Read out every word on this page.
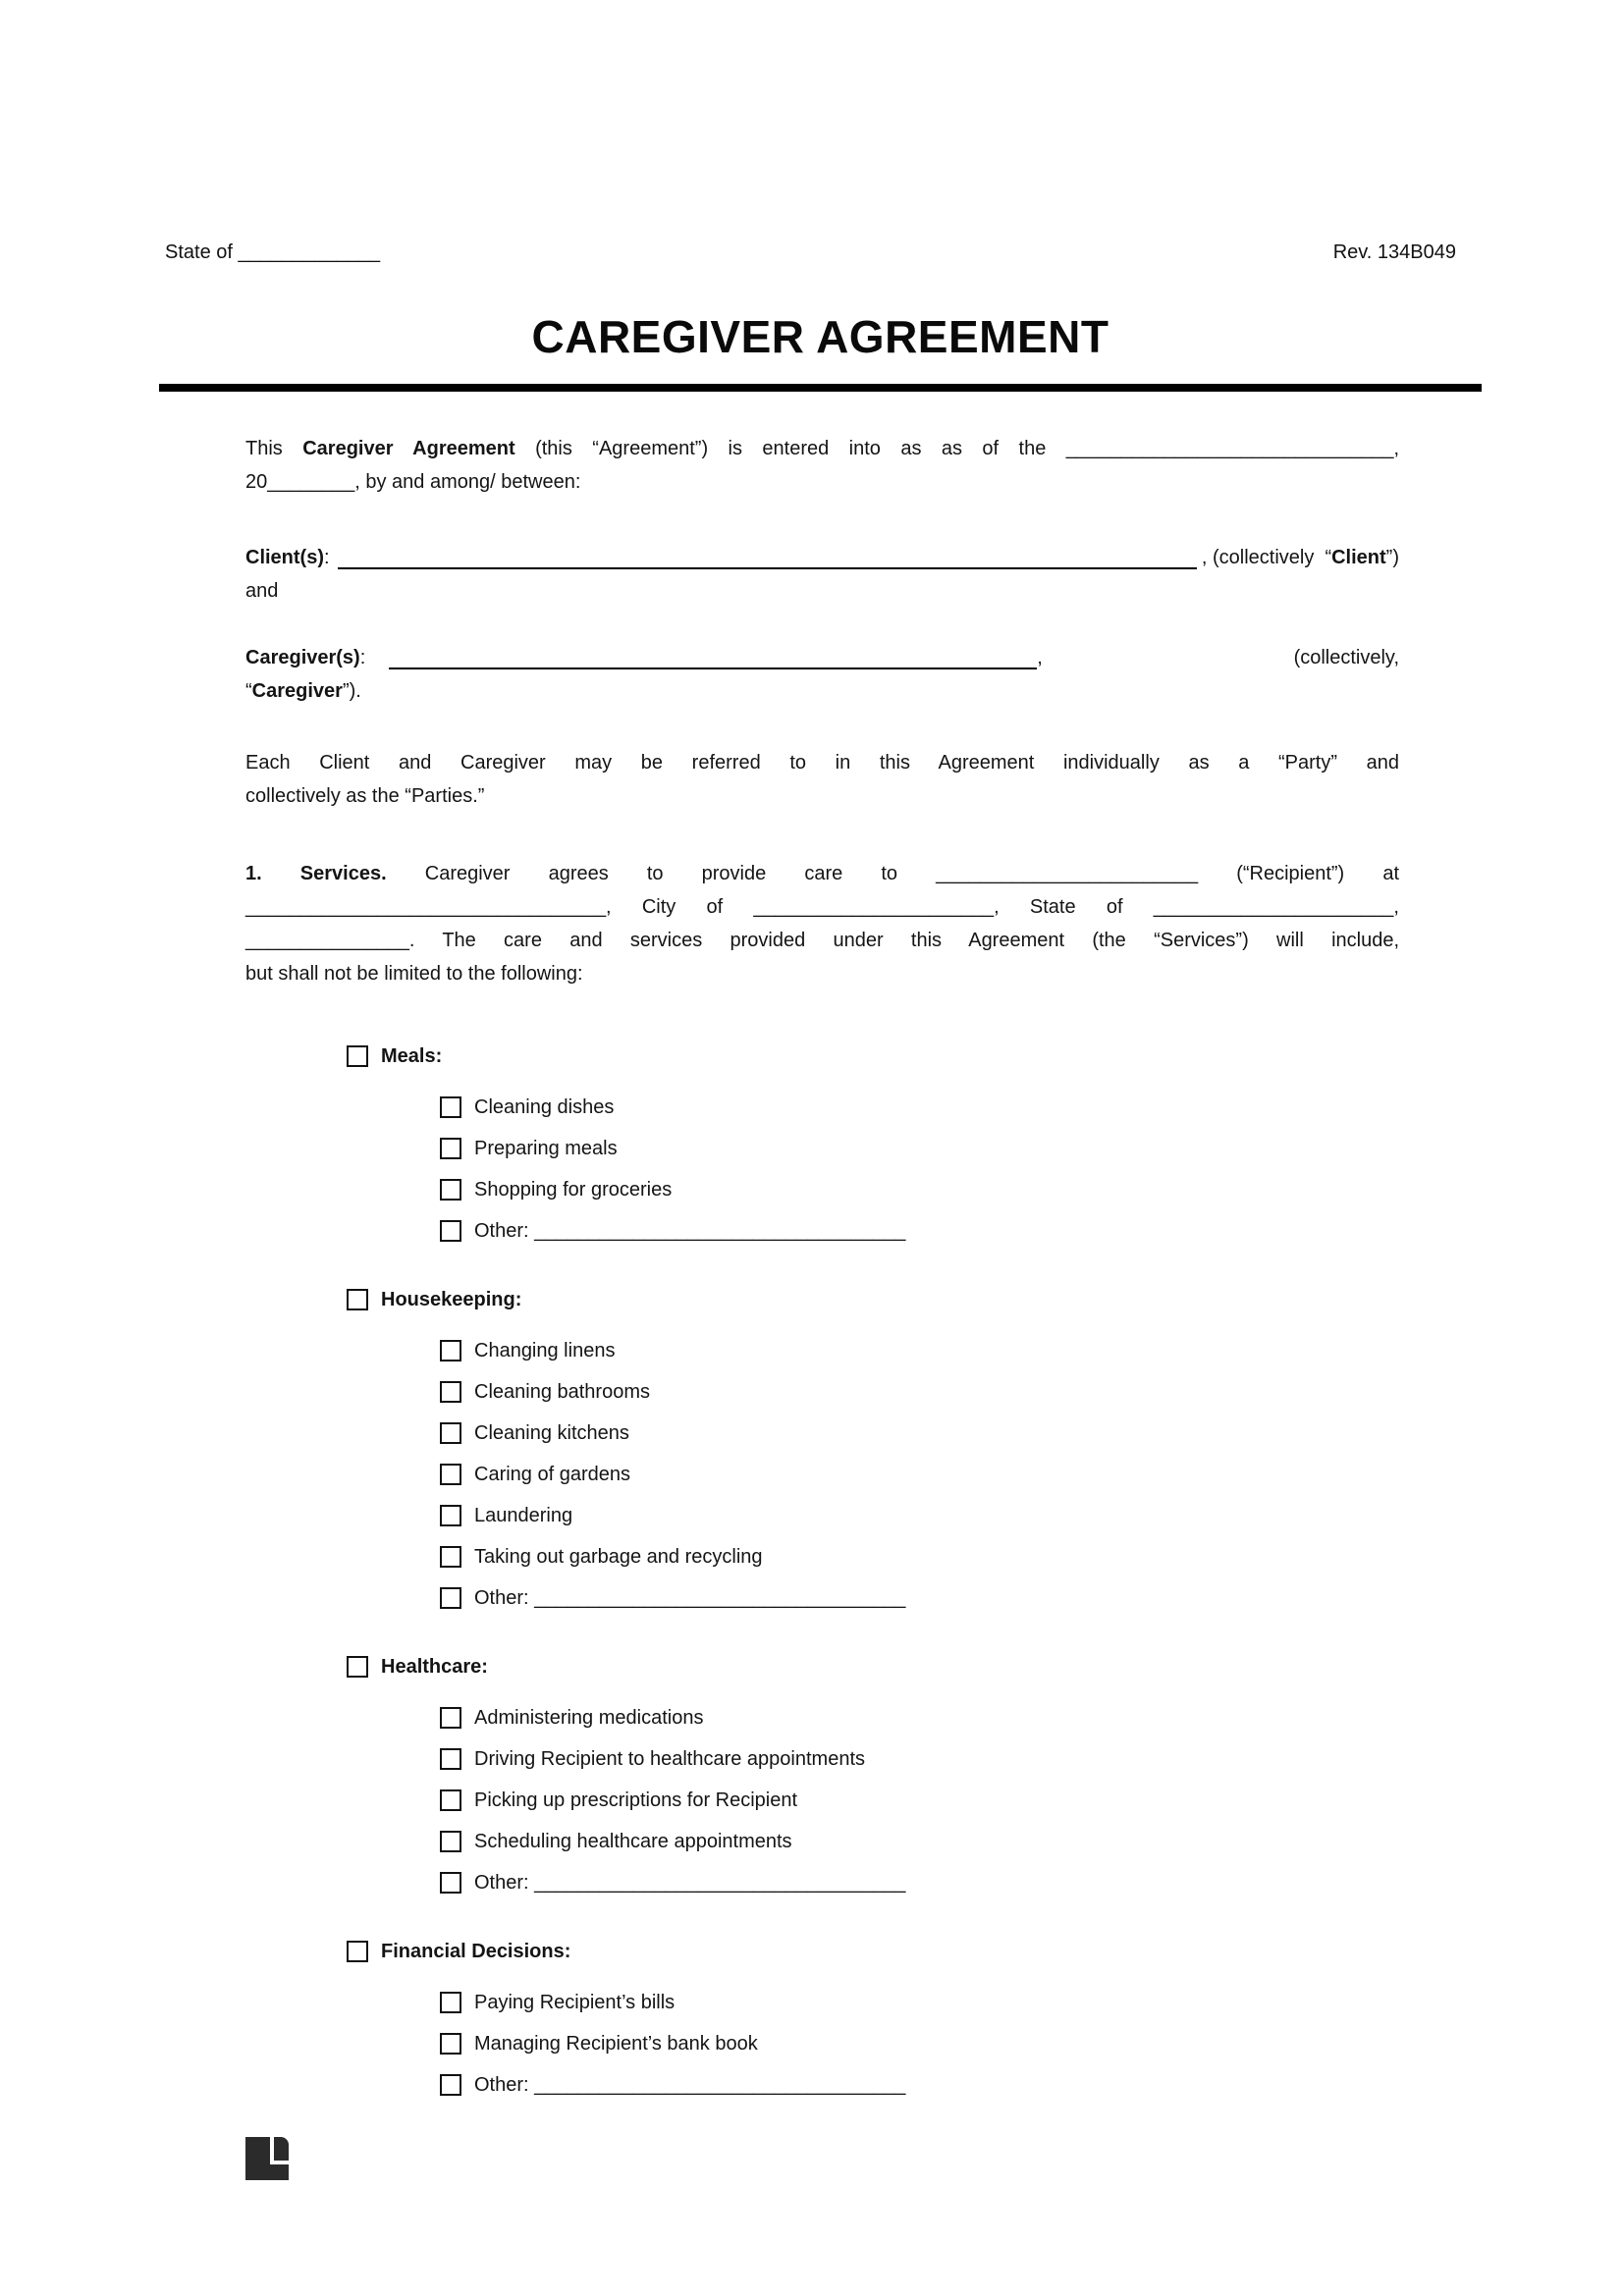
State of _____________	Rev. 134B049
CAREGIVER AGREEMENT

This Caregiver Agreement (this “Agreement”) is entered into as as of the ______________________________, 20________, by and among/ between:

Client(s):	, (collectively  “Client”)
and
Caregiver(s):	,	(collectively,
“Caregiver”).

Each Client and Caregiver may be referred to in this Agreement individually as a “Party” and collectively as the “Parties.”

1. Services. Caregiver agrees to provide care to ________________________ (“Recipient”) at _________________________________, City of ______________________, State of ______________________, _______________. The care and services provided under this Agreement (the “Services”) will include, but shall not be limited to the following:

Meals:
Cleaning dishes
Preparing meals
Shopping for groceries
Other: __________________________________
Housekeeping:
Changing linens
Cleaning bathrooms
Cleaning kitchens
Caring of gardens
Laundering
Taking out garbage and recycling
Other: __________________________________
Healthcare:
Administering medications
Driving Recipient to healthcare appointments
Picking up prescriptions for Recipient
Scheduling healthcare appointments
Other: __________________________________
Financial Decisions:
Paying Recipient’s bills
Managing Recipient’s bank book
Other: __________________________________
